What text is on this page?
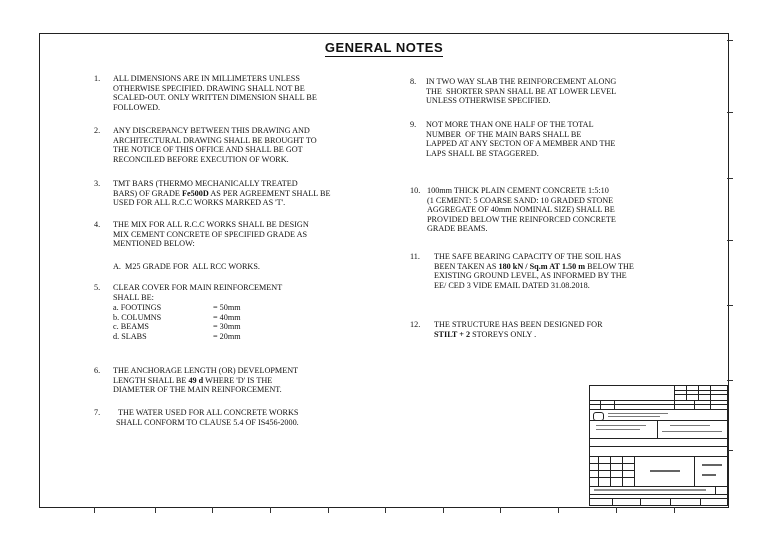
GENERAL NOTES
1. ALL DIMENSIONS ARE IN MILLIMETERS UNLESS
OTHERWISE SPECIFIED. DRAWING SHALL NOT BE
SCALED-OUT. ONLY WRITTEN DIMENSION SHALL BE
FOLLOWED.
2. ANY DISCREPANCY BETWEEN THIS DRAWING AND
ARCHITECTURAL DRAWING SHALL BE BROUGHT TO
THE NOTICE OF THIS OFFICE AND SHALL BE GOT
RECONCILED BEFORE EXECUTION OF WORK.
3. TMT BARS (THERMO MECHANICALLY TREATED
BARS) OF GRADE Fe500D AS PER AGREEMENT SHALL BE
USED FOR ALL R.C.C WORKS MARKED AS 'T'.
4. THE MIX FOR ALL R.C.C WORKS SHALL BE DESIGN
MIX CEMENT CONCRETE OF SPECIFIED GRADE AS
MENTIONED BELOW:
A.  M25 GRADE FOR  ALL RCC WORKS.
5. CLEAR COVER FOR MAIN REINFORCEMENT
SHALL BE:
a. FOOTINGS	= 50mm
b. COLUMNS	= 40mm
c. BEAMS	= 30mm
d. SLABS	= 20mm
6. THE ANCHORAGE LENGTH (OR) DEVELOPMENT
LENGTH SHALL BE 49 d WHERE 'D' IS THE
DIAMETER OF THE MAIN REINFORCEMENT.
7. THE WATER USED FOR ALL CONCRETE WORKS
SHALL CONFORM TO CLAUSE 5.4 OF IS456-2000.
8. IN TWO WAY SLAB THE REINFORCEMENT ALONG
THE  SHORTER SPAN SHALL BE AT LOWER LEVEL
UNLESS OTHERWISE SPECIFIED.
9. NOT MORE THAN ONE HALF OF THE TOTAL
NUMBER  OF THE MAIN BARS SHALL BE
LAPPED AT ANY SECTON OF A MEMBER AND THE
LAPS SHALL BE STAGGERED.
10. 100mm THICK PLAIN CEMENT CONCRETE 1:5:10
(1 CEMENT: 5 COARSE SAND: 10 GRADED STONE
AGGREGATE OF 40mm NOMINAL SIZE) SHALL BE
PROVIDED BELOW THE REINFORCED CONCRETE
GRADE BEAMS.
11. THE SAFE BEARING CAPACITY OF THE SOIL HAS
BEEN TAKEN AS 180 kN / Sq.m AT 1.50 m BELOW THE
EXISTING GROUND LEVEL, AS INFORMED BY THE
EE/ CED 3 VIDE EMAIL DATED 31.08.2018.
12. THE STRUCTURE HAS BEEN DESIGNED FOR
STILT + 2 STOREYS ONLY .
